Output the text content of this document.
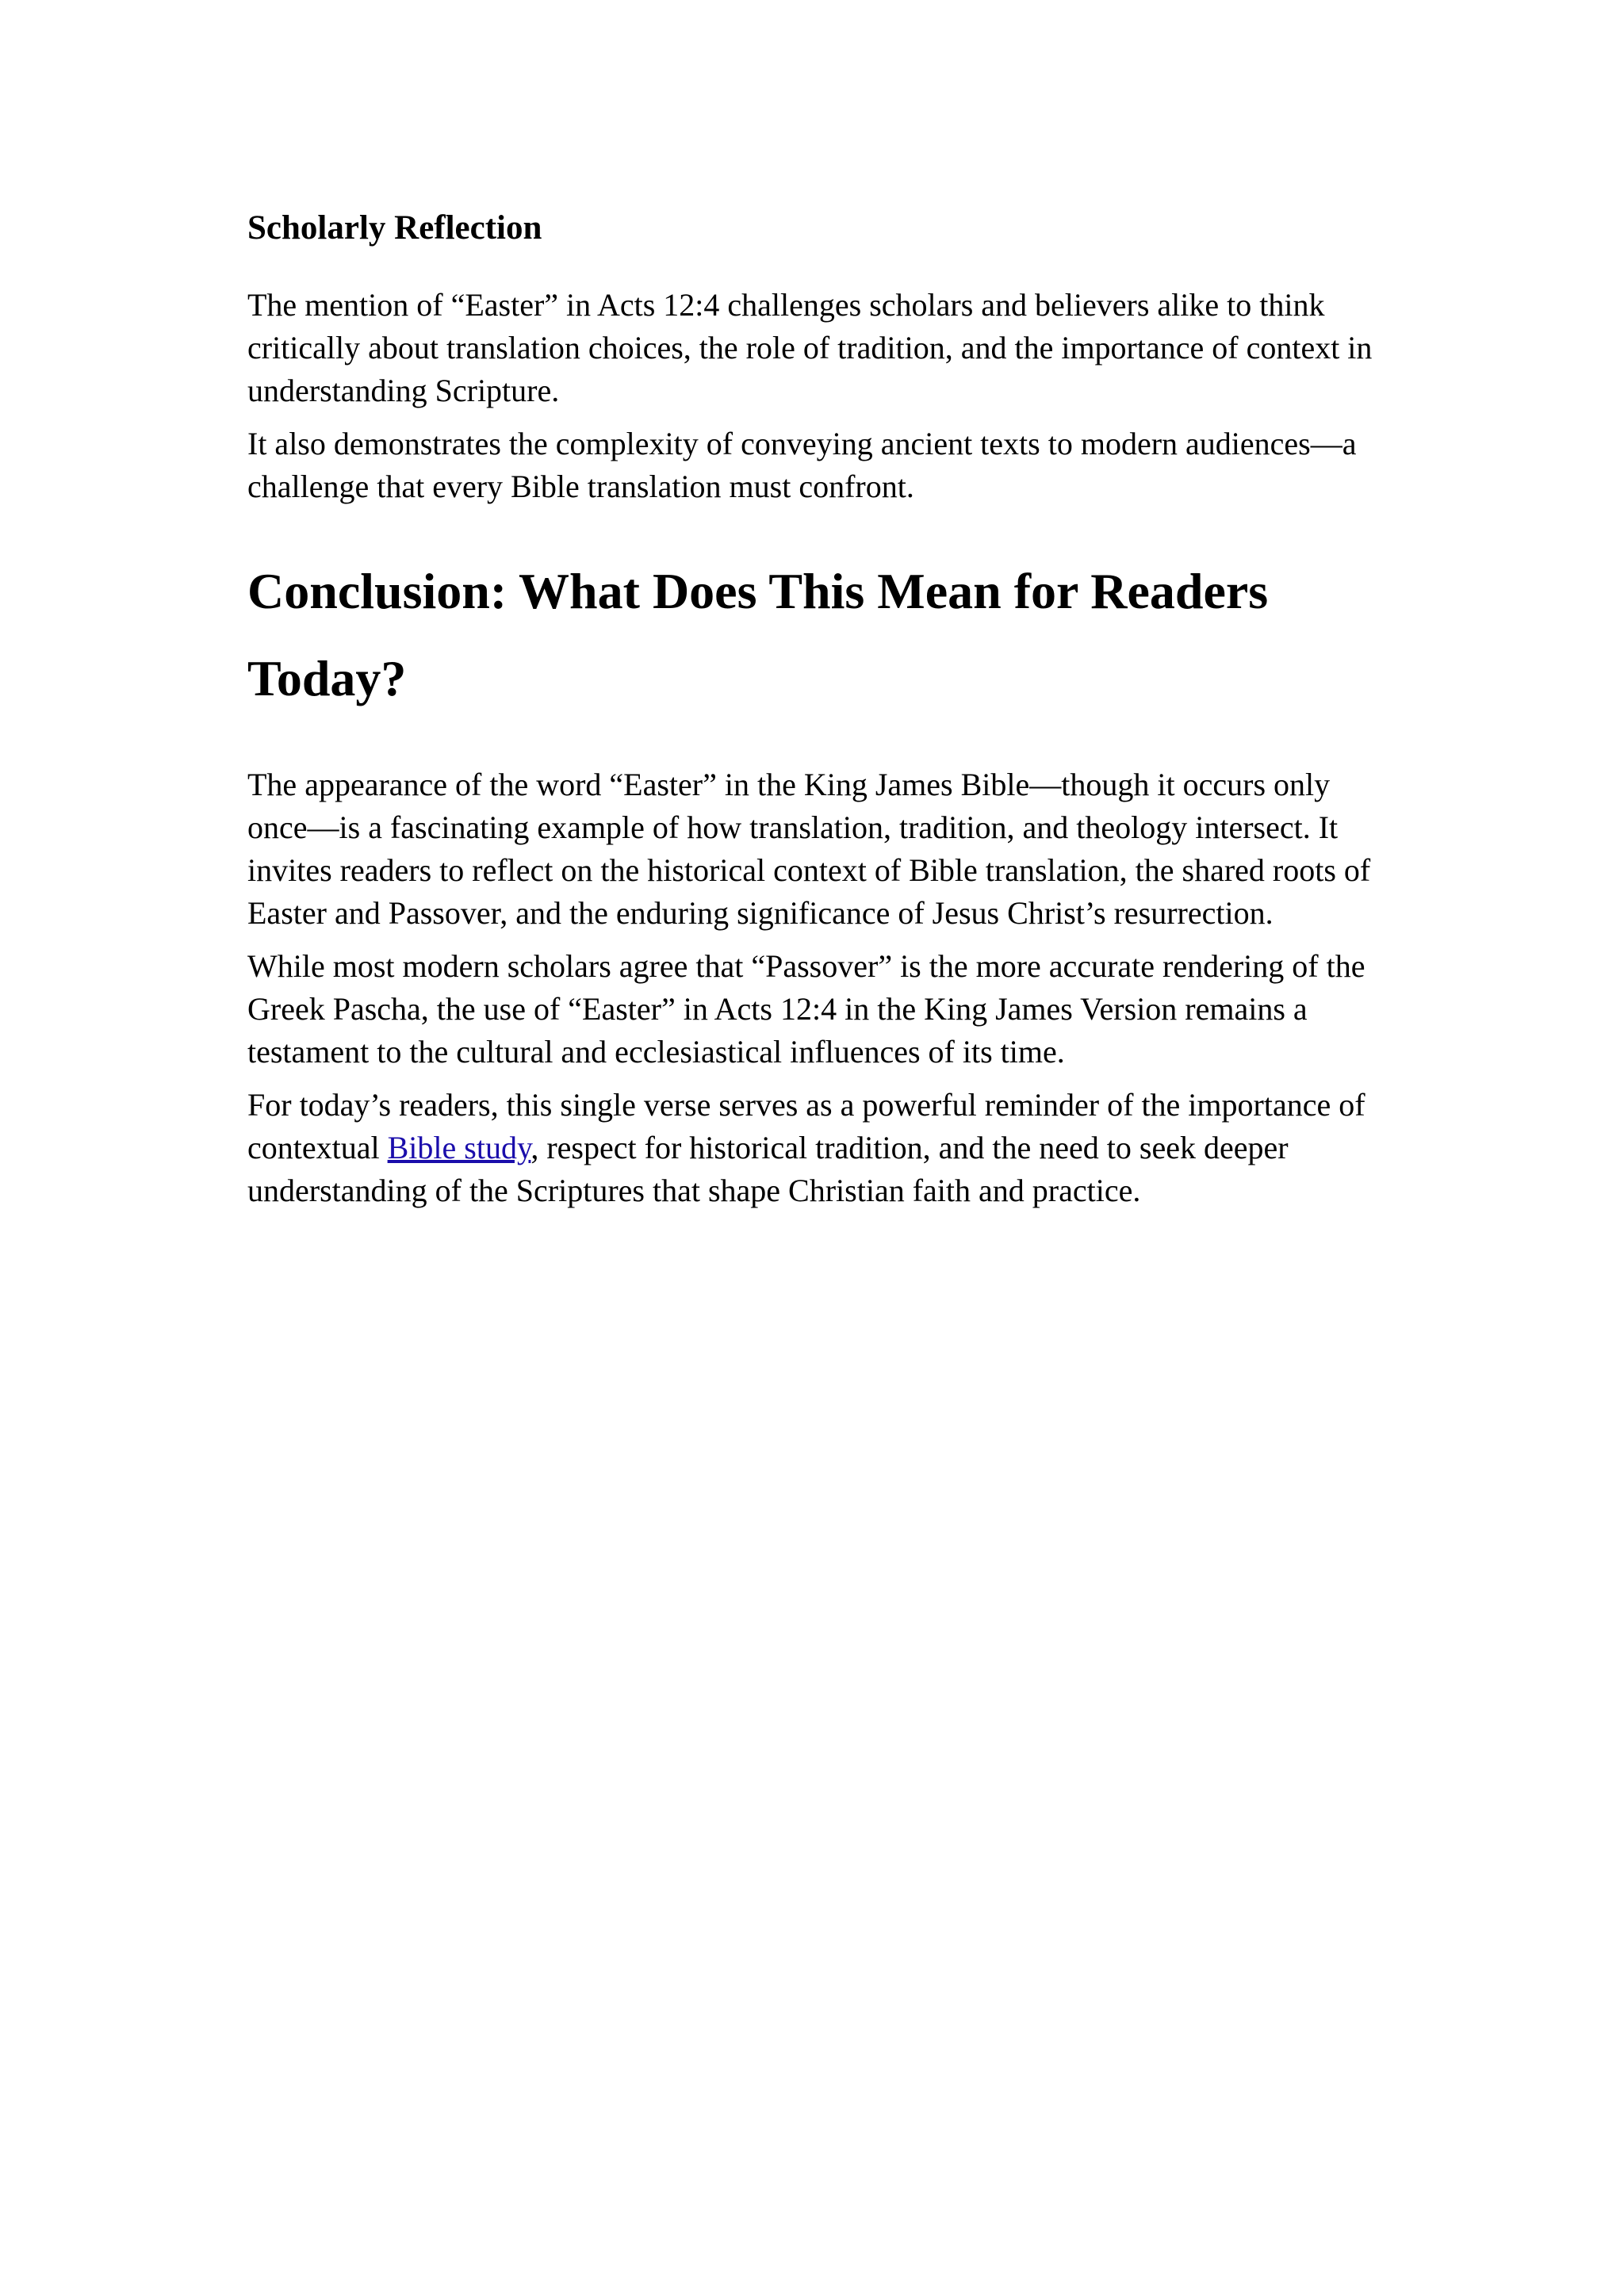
Scholarly Reflection

The mention of “Easter” in Acts 12:4 challenges scholars and believers alike to think critically about translation choices, the role of tradition, and the importance of context in understanding Scripture.

It also demonstrates the complexity of conveying ancient texts to modern audiences—a challenge that every Bible translation must confront.

Conclusion: What Does This Mean for Readers Today?

The appearance of the word “Easter” in the King James Bible—though it occurs only once—is a fascinating example of how translation, tradition, and theology intersect. It invites readers to reflect on the historical context of Bible translation, the shared roots of Easter and Passover, and the enduring significance of Jesus Christ’s resurrection.

While most modern scholars agree that “Passover” is the more accurate rendering of the Greek Pascha, the use of “Easter” in Acts 12:4 in the King James Version remains a testament to the cultural and ecclesiastical influences of its time.

For today’s readers, this single verse serves as a powerful reminder of the importance of contextual Bible study, respect for historical tradition, and the need to seek deeper understanding of the Scriptures that shape Christian faith and practice.
